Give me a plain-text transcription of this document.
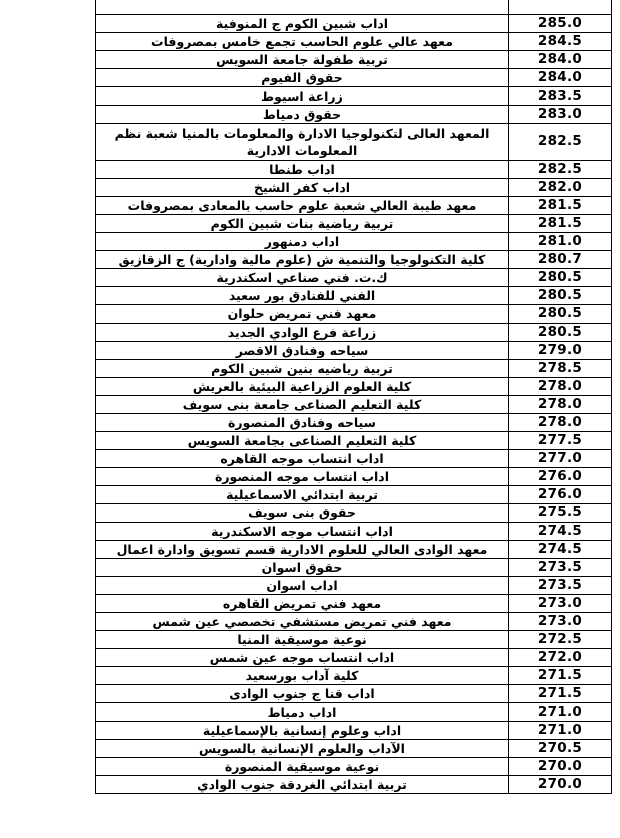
اداب شبين الكوم ج المنوفية	285.0
معهد عالي علوم الحاسب تجمع خامس بمصروفات	284.5
تربية طفولة جامعة السويس	284.0
حقوق الفيوم	284.0
زراعة اسيوط	283.5
حقوق دمياط	283.0
المعهد العالى لتكنولوجيا الادارة والمعلومات بالمنيا شعبة نظم المعلومات الادارية	282.5
اداب طنطا	282.5
اداب كفر الشيخ	282.0
معهد طيبة العالي شعبة علوم حاسب بالمعادى بمصروفات	281.5
تربية رياضية بنات شبين الكوم	281.5
اداب دمنهور	281.0
كلية التكنولوجيا والتنمية ش (علوم مالية وادارية) ج الزقازيق	280.7
ك.ت. فني صناعي اسكندرية	280.5
الفني للفنادق بور سعيد	280.5
معهد فني تمريض حلوان	280.5
زراعة فرع الوادي الجديد	280.5
سياحه وفنادق الاقصر	279.0
تربية رياضيه بنين شبين الكوم	278.5
كلية العلوم الزراعية البيئية بالعريش	278.0
كلية التعليم الصناعى جامعة بنى سويف	278.0
سياحه وفنادق المنصورة	278.0
كلية التعليم الصناعى بجامعة السويس	277.5
اداب انتساب موجه القاهره	277.0
اداب انتساب موجه المنصورة	276.0
تربية ابتدائي الاسماعيلية	276.0
حقوق بنى سويف	275.5
اداب انتساب موجه الاسكندرية	274.5
معهد الوادى العالي للعلوم الادارية قسم تسويق وادارة اعمال	274.5
حقوق اسوان	273.5
اداب اسوان	273.5
معهد فني تمريض القاهره	273.0
معهد فني تمريض مستشفي تخصصي عين شمس	273.0
نوعية موسيقية المنيا	272.5
اداب انتساب موجه عين شمس	272.0
كلية آداب بورسعيد	271.5
اداب قنا ج جنوب الوادى	271.5
اداب دمياط	271.0
اداب وعلوم إنسانية بالإسماعيلية	271.0
الآداب والعلوم الإنسانية بالسويس	270.5
نوعية موسيقية المنصورة	270.0
تربية ابتدائي الغردقة جنوب الوادي	270.0
